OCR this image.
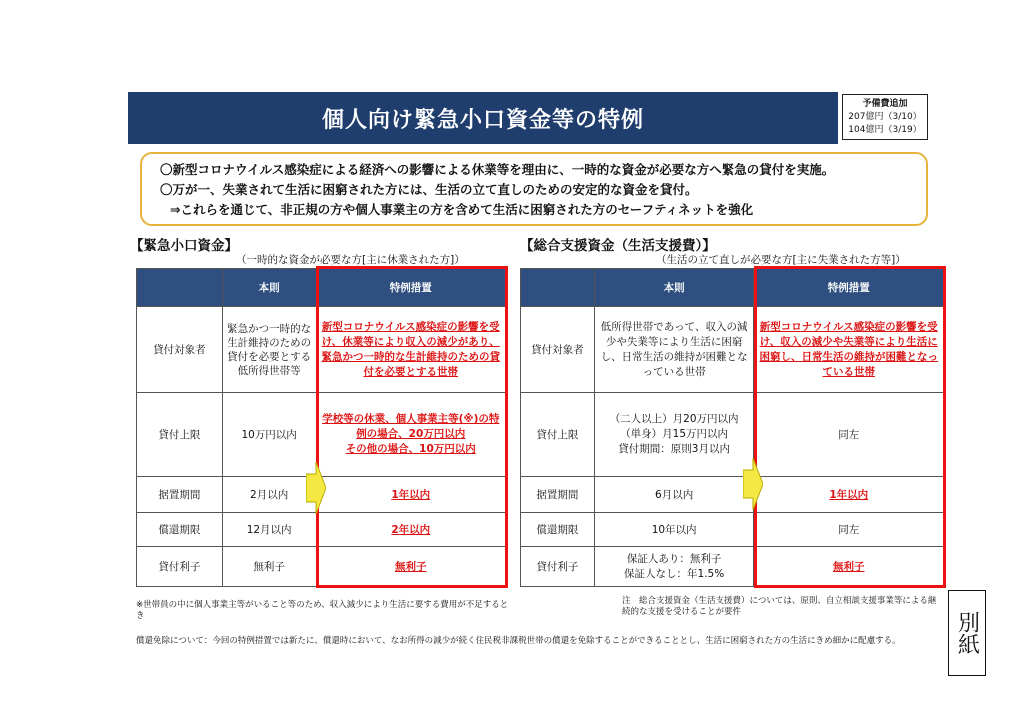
個人向け緊急小口資金等の特例
予備費追加
207億円（3/10）
104億円（3/19）
〇新型コロナウイルス感染症による経済への影響による休業等を理由に、一時的な資金が必要な方へ緊急の貸付を実施。
〇万が一、失業されて生活に困窮された方には、生活の立て直しのための安定的な資金を貸付。
⇒これらを通じて、非正規の方や個人事業主の方を含めて生活に困窮された方のセーフティネットを強化
【緊急小口資金】
（一時的な資金が必要な方[主に休業された方]）
	本則	特例措置
貸付対象者	緊急かつ一時的な生計維持のための貸付を必要とする低所得世帯等	新型コロナウイルス感染症の影響を受け、休業等により収入の減少があり、緊急かつ一時的な生計維持のための貸付を必要とする世帯
貸付上限	10万円以内	学校等の休業、個人事業主等(※)の特例の場合、20万円以内
その他の場合、10万円以内
据置期間	2月以内	1年以内
償還期限	12月以内	2年以内
貸付利子	無利子	無利子
※世帯員の中に個人事業主等がいること等のため、収入減少により生活に要する費用が不足するとき
【総合支援資金（生活支援費）】
（生活の立て直しが必要な方[主に失業された方等]）
	本則	特例措置
貸付対象者	低所得世帯であって、収入の減少や失業等により生活に困窮し、日常生活の維持が困難となっている世帯	新型コロナウイルス感染症の影響を受け、収入の減少や失業等により生活に困窮し、日常生活の維持が困難となっている世帯
貸付上限	（二人以上）月20万円以内
（単身）月15万円以内
貸付期間：原則3月以内	同左
据置期間	6月以内	1年以内
償還期限	10年以内	同左
貸付利子	保証人あり：無利子
保証人なし：年1.5%	無利子
注　総合支援資金（生活支援費）については、原則、自立相談支援事業等による継続的な支援を受けることが要件
償還免除について：今回の特例措置では新たに、償還時において、なお所得の減少が続く住民税非課税世帯の償還を免除することができることとし、生活に困窮された方の生活にきめ細かに配慮する。	別紙
